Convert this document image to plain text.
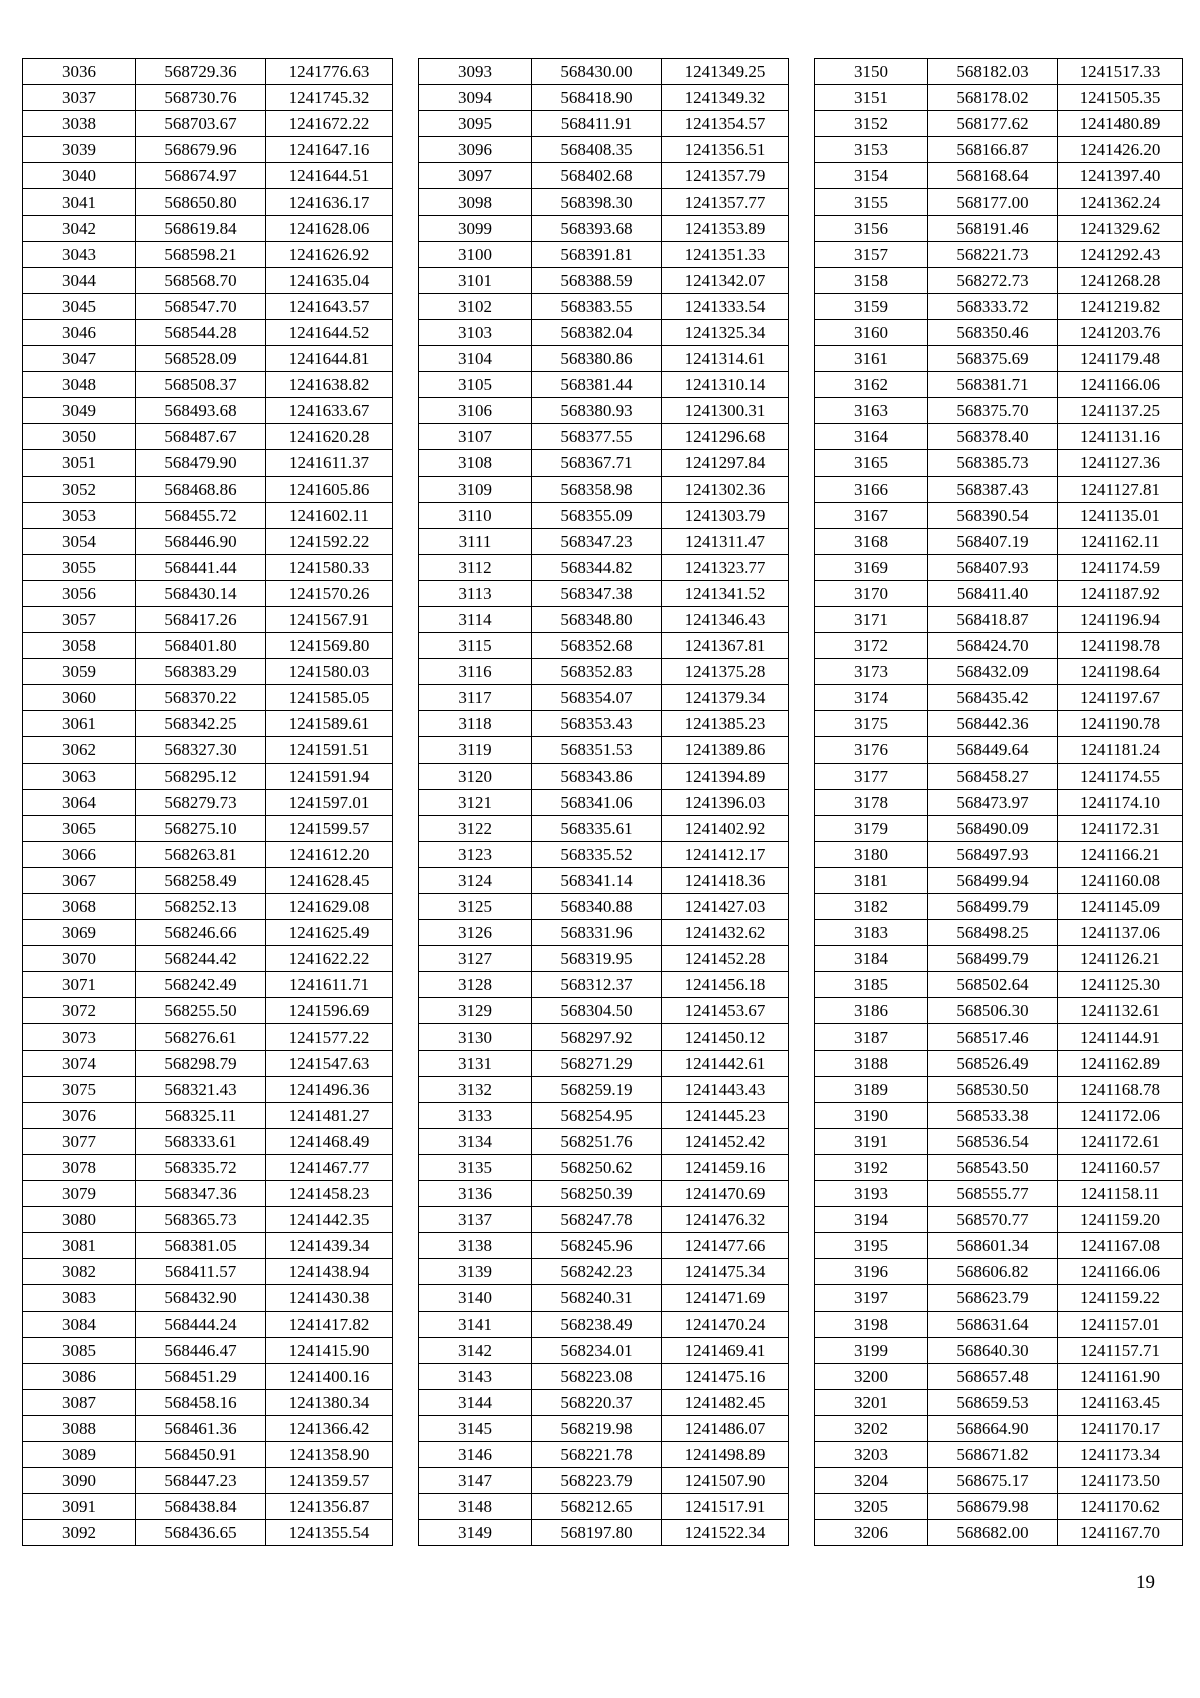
3036	568729.36	1241776.63
3037	568730.76	1241745.32
3038	568703.67	1241672.22
3039	568679.96	1241647.16
3040	568674.97	1241644.51
3041	568650.80	1241636.17
3042	568619.84	1241628.06
3043	568598.21	1241626.92
3044	568568.70	1241635.04
3045	568547.70	1241643.57
3046	568544.28	1241644.52
3047	568528.09	1241644.81
3048	568508.37	1241638.82
3049	568493.68	1241633.67
3050	568487.67	1241620.28
3051	568479.90	1241611.37
3052	568468.86	1241605.86
3053	568455.72	1241602.11
3054	568446.90	1241592.22
3055	568441.44	1241580.33
3056	568430.14	1241570.26
3057	568417.26	1241567.91
3058	568401.80	1241569.80
3059	568383.29	1241580.03
3060	568370.22	1241585.05
3061	568342.25	1241589.61
3062	568327.30	1241591.51
3063	568295.12	1241591.94
3064	568279.73	1241597.01
3065	568275.10	1241599.57
3066	568263.81	1241612.20
3067	568258.49	1241628.45
3068	568252.13	1241629.08
3069	568246.66	1241625.49
3070	568244.42	1241622.22
3071	568242.49	1241611.71
3072	568255.50	1241596.69
3073	568276.61	1241577.22
3074	568298.79	1241547.63
3075	568321.43	1241496.36
3076	568325.11	1241481.27
3077	568333.61	1241468.49
3078	568335.72	1241467.77
3079	568347.36	1241458.23
3080	568365.73	1241442.35
3081	568381.05	1241439.34
3082	568411.57	1241438.94
3083	568432.90	1241430.38
3084	568444.24	1241417.82
3085	568446.47	1241415.90
3086	568451.29	1241400.16
3087	568458.16	1241380.34
3088	568461.36	1241366.42
3089	568450.91	1241358.90
3090	568447.23	1241359.57
3091	568438.84	1241356.87
3092	568436.65	1241355.54
3093	568430.00	1241349.25
3094	568418.90	1241349.32
3095	568411.91	1241354.57
3096	568408.35	1241356.51
3097	568402.68	1241357.79
3098	568398.30	1241357.77
3099	568393.68	1241353.89
3100	568391.81	1241351.33
3101	568388.59	1241342.07
3102	568383.55	1241333.54
3103	568382.04	1241325.34
3104	568380.86	1241314.61
3105	568381.44	1241310.14
3106	568380.93	1241300.31
3107	568377.55	1241296.68
3108	568367.71	1241297.84
3109	568358.98	1241302.36
3110	568355.09	1241303.79
3111	568347.23	1241311.47
3112	568344.82	1241323.77
3113	568347.38	1241341.52
3114	568348.80	1241346.43
3115	568352.68	1241367.81
3116	568352.83	1241375.28
3117	568354.07	1241379.34
3118	568353.43	1241385.23
3119	568351.53	1241389.86
3120	568343.86	1241394.89
3121	568341.06	1241396.03
3122	568335.61	1241402.92
3123	568335.52	1241412.17
3124	568341.14	1241418.36
3125	568340.88	1241427.03
3126	568331.96	1241432.62
3127	568319.95	1241452.28
3128	568312.37	1241456.18
3129	568304.50	1241453.67
3130	568297.92	1241450.12
3131	568271.29	1241442.61
3132	568259.19	1241443.43
3133	568254.95	1241445.23
3134	568251.76	1241452.42
3135	568250.62	1241459.16
3136	568250.39	1241470.69
3137	568247.78	1241476.32
3138	568245.96	1241477.66
3139	568242.23	1241475.34
3140	568240.31	1241471.69
3141	568238.49	1241470.24
3142	568234.01	1241469.41
3143	568223.08	1241475.16
3144	568220.37	1241482.45
3145	568219.98	1241486.07
3146	568221.78	1241498.89
3147	568223.79	1241507.90
3148	568212.65	1241517.91
3149	568197.80	1241522.34
3150	568182.03	1241517.33
3151	568178.02	1241505.35
3152	568177.62	1241480.89
3153	568166.87	1241426.20
3154	568168.64	1241397.40
3155	568177.00	1241362.24
3156	568191.46	1241329.62
3157	568221.73	1241292.43
3158	568272.73	1241268.28
3159	568333.72	1241219.82
3160	568350.46	1241203.76
3161	568375.69	1241179.48
3162	568381.71	1241166.06
3163	568375.70	1241137.25
3164	568378.40	1241131.16
3165	568385.73	1241127.36
3166	568387.43	1241127.81
3167	568390.54	1241135.01
3168	568407.19	1241162.11
3169	568407.93	1241174.59
3170	568411.40	1241187.92
3171	568418.87	1241196.94
3172	568424.70	1241198.78
3173	568432.09	1241198.64
3174	568435.42	1241197.67
3175	568442.36	1241190.78
3176	568449.64	1241181.24
3177	568458.27	1241174.55
3178	568473.97	1241174.10
3179	568490.09	1241172.31
3180	568497.93	1241166.21
3181	568499.94	1241160.08
3182	568499.79	1241145.09
3183	568498.25	1241137.06
3184	568499.79	1241126.21
3185	568502.64	1241125.30
3186	568506.30	1241132.61
3187	568517.46	1241144.91
3188	568526.49	1241162.89
3189	568530.50	1241168.78
3190	568533.38	1241172.06
3191	568536.54	1241172.61
3192	568543.50	1241160.57
3193	568555.77	1241158.11
3194	568570.77	1241159.20
3195	568601.34	1241167.08
3196	568606.82	1241166.06
3197	568623.79	1241159.22
3198	568631.64	1241157.01
3199	568640.30	1241157.71
3200	568657.48	1241161.90
3201	568659.53	1241163.45
3202	568664.90	1241170.17
3203	568671.82	1241173.34
3204	568675.17	1241173.50
3205	568679.98	1241170.62
3206	568682.00	1241167.70
19
